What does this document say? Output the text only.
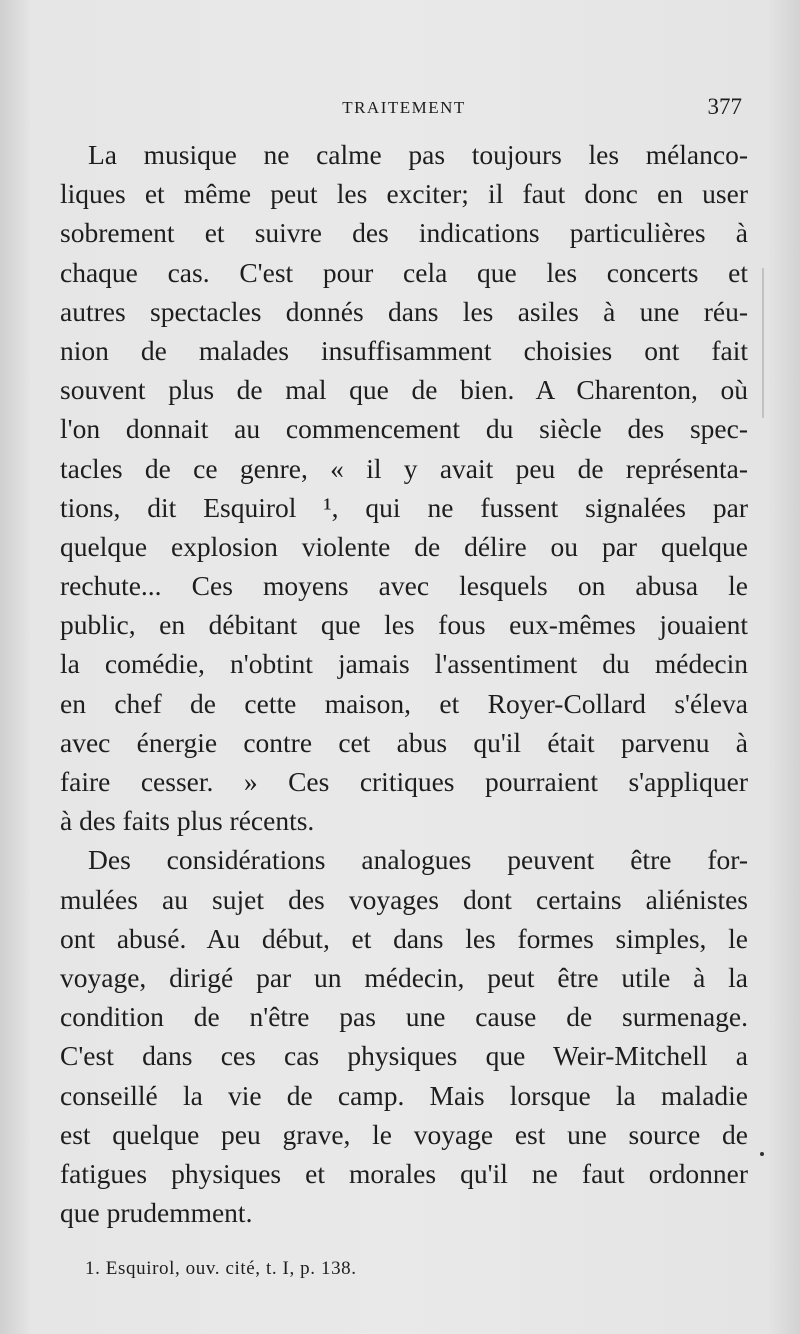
TRAITEMENT	377
La musique ne calme pas toujours les mélanco-
liques et même peut les exciter; il faut donc en user
sobrement et suivre des indications particulières à
chaque cas. C'est pour cela que les concerts et
autres spectacles donnés dans les asiles à une réu-
nion de malades insuffisamment choisies ont fait
souvent plus de mal que de bien. A Charenton, où
l'on donnait au commencement du siècle des spec-
tacles de ce genre, « il y avait peu de représenta-
tions, dit Esquirol ¹, qui ne fussent signalées par
quelque explosion violente de délire ou par quelque
rechute... Ces moyens avec lesquels on abusa le
public, en débitant que les fous eux-mêmes jouaient
la comédie, n'obtint jamais l'assentiment du médecin
en chef de cette maison, et Royer-Collard s'éleva
avec énergie contre cet abus qu'il était parvenu à
faire cesser. » Ces critiques pourraient s'appliquer
à des faits plus récents.
Des considérations analogues peuvent être for-
mulées au sujet des voyages dont certains aliénistes
ont abusé. Au début, et dans les formes simples, le
voyage, dirigé par un médecin, peut être utile à la
condition de n'être pas une cause de surmenage.
C'est dans ces cas physiques que Weir-Mitchell a
conseillé la vie de camp. Mais lorsque la maladie
est quelque peu grave, le voyage est une source de
fatigues physiques et morales qu'il ne faut ordonner
que prudemment.
1. Esquirol, ouv. cité, t. I, p. 138.
